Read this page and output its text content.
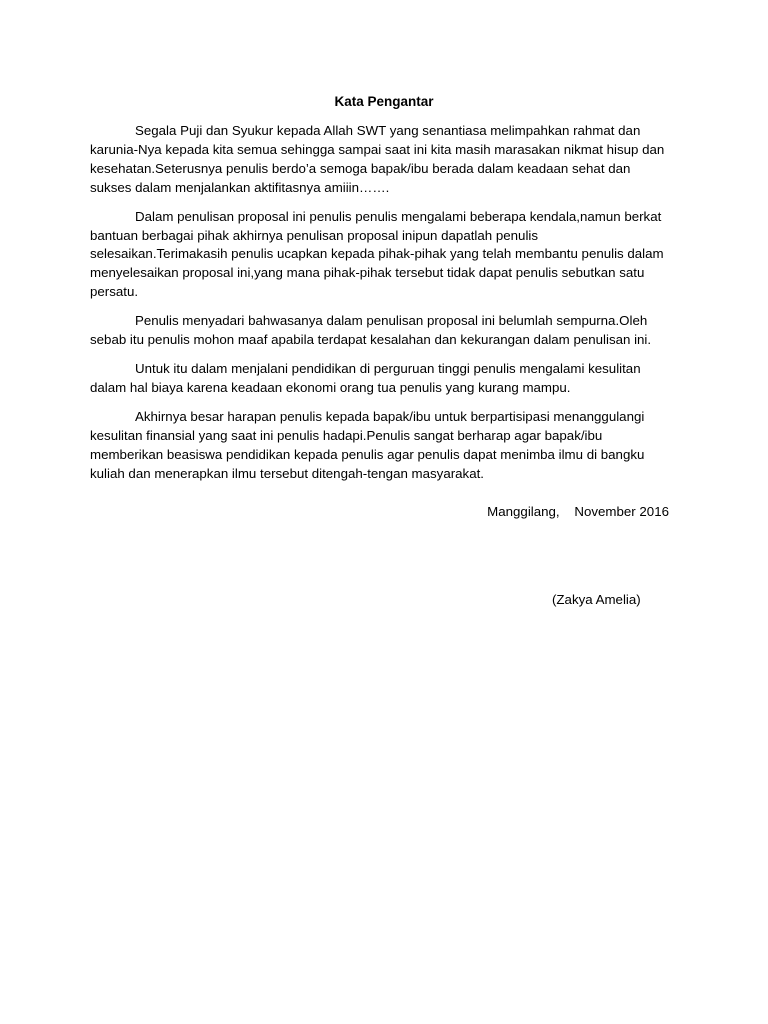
Kata Pengantar

Segala Puji dan Syukur kepada Allah SWT yang senantiasa melimpahkan rahmat dan karunia-Nya kepada kita semua sehingga sampai saat ini kita masih marasakan nikmat hisup dan kesehatan.Seterusnya penulis berdo’a semoga bapak/ibu berada dalam keadaan sehat dan sukses dalam menjalankan aktifitasnya amiiin…….

Dalam penulisan proposal ini penulis penulis mengalami beberapa kendala,namun berkat bantuan berbagai pihak akhirnya penulisan proposal inipun dapatlah penulis selesaikan.Terimakasih penulis ucapkan kepada pihak-pihak yang telah membantu penulis dalam menyelesaikan proposal ini,yang mana pihak-pihak tersebut tidak dapat penulis sebutkan satu persatu.

Penulis menyadari bahwasanya dalam penulisan proposal ini belumlah sempurna.Oleh sebab itu penulis mohon maaf apabila terdapat kesalahan dan kekurangan dalam penulisan ini.

Untuk itu dalam menjalani pendidikan di perguruan tinggi penulis mengalami kesulitan dalam hal biaya karena keadaan ekonomi orang tua penulis yang kurang mampu.

Akhirnya besar harapan penulis kepada bapak/ibu untuk berpartisipasi menanggulangi kesulitan finansial yang saat ini penulis hadapi.Penulis sangat berharap agar bapak/ibu memberikan beasiswa pendidikan kepada penulis agar penulis dapat menimba ilmu di bangku kuliah dan menerapkan ilmu tersebut ditengah-tengan masyarakat.

Manggilang,    November 2016
(Zakya Amelia)
